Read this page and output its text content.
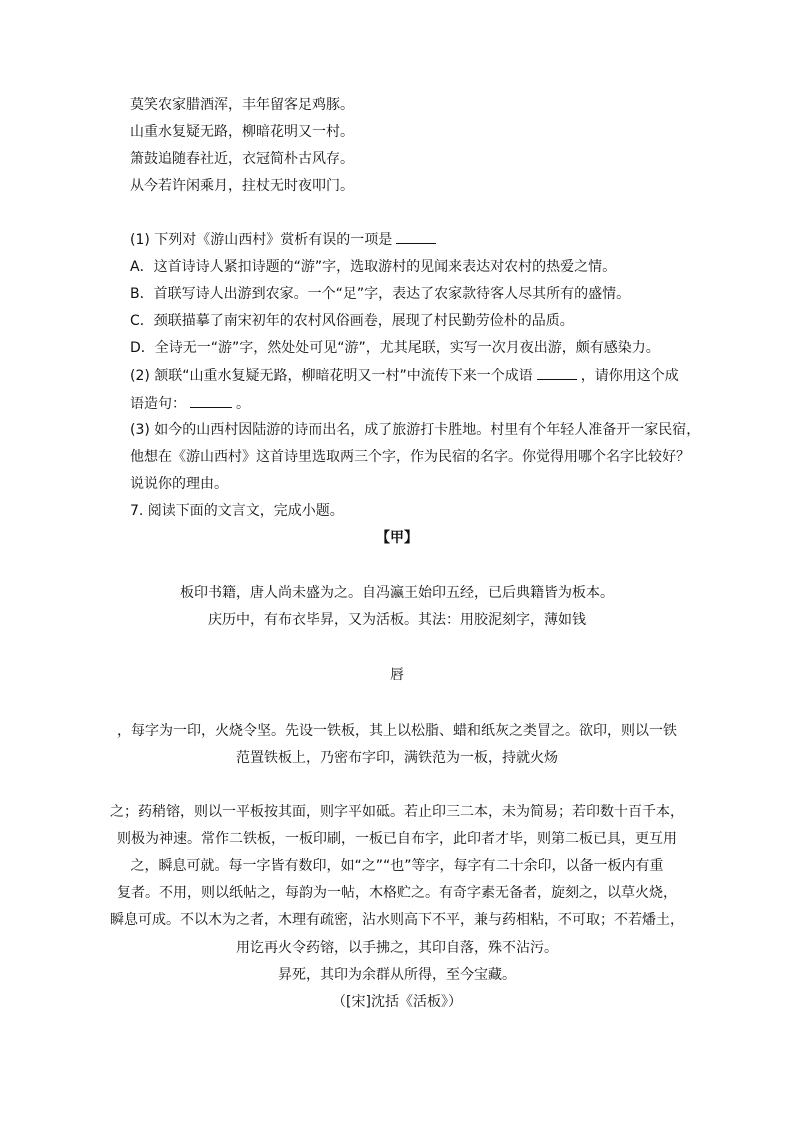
莫笑农家腊酒浑，丰年留客足鸡豚。
山重水复疑无路，柳暗花明又一村。
箫鼓追随春社近，衣冠简朴古风存。
从今若许闲乘月，拄杖无时夜叩门。
(1) 下列对《游山西村》赏析有误的一项是
A．这首诗诗人紧扣诗题的“游”字，选取游村的见闻来表达对农村的热爱之情。
B．首联写诗人出游到农家。一个“足”字，表达了农家款待客人尽其所有的盛情。
C．颈联描摹了南宋初年的农村风俗画卷，展现了村民勤劳俭朴的品质。
D．全诗无一“游”字，然处处可见“游”，尤其尾联，实写一次月夜出游，颇有感染力。
(2) 颔联“山重水复疑无路，柳暗花明又一村”中流传下来一个成语	，请你用这个成
语造句：	。
(3) 如今的山西村因陆游的诗而出名，成了旅游打卡胜地。村里有个年轻人准备开一家民宿，
他想在《游山西村》这首诗里选取两三个字，作为民宿的名字。你觉得用哪个名字比较好？
说说你的理由。
7. 阅读下面的文言文，完成小题。
【甲】
板印书籍，唐人尚未盛为之。自冯瀛王始印五经，已后典籍皆为板本。
庆历中，有布衣毕昇，又为活板。其法：用胶泥刻字，薄如钱
唇
，每字为一印，火烧令坚。先设一铁板，其上以松脂、蜡和纸灰之类冒之。欲印，则以一铁
范置铁板上，乃密布字印，满铁范为一板，持就火炀
之；药稍镕，则以一平板按其面，则字平如砥。若止印三二本，未为简易；若印数十百千本，
则极为神速。常作二铁板，一板印刷，一板已自布字，此印者才毕，则第二板已具，更互用
之，瞬息可就。每一字皆有数印，如“之”“也”等字，每字有二十余印，以备一板内有重
复者。不用，则以纸帖之，每韵为一帖，木格贮之。有奇字素无备者，旋刻之，以草火烧，
瞬息可成。不以木为之者，木理有疏密，沾水则高下不平，兼与药相粘，不可取；不若燔土，
用讫再火令药镕，以手拂之，其印自落，殊不沾污。
昇死，其印为余群从所得，至今宝藏。
（[宋]沈括《活板》）
